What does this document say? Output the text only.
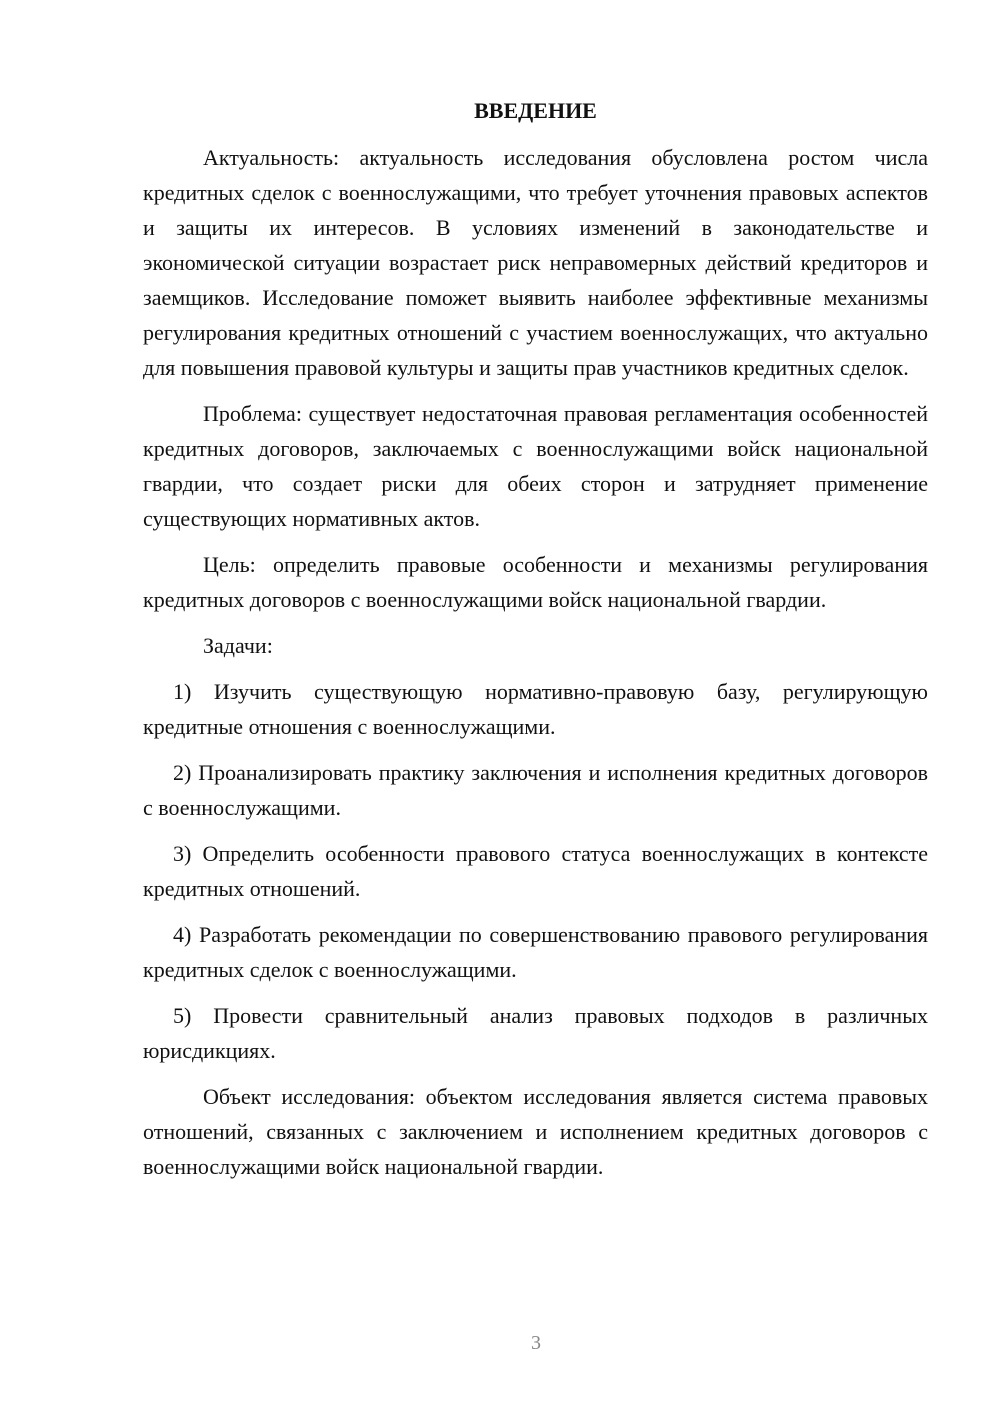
ВВЕДЕНИЕ

Актуальность: актуальность исследования обусловлена ростом числа кредитных сделок с военнослужащими, что требует уточнения правовых аспектов и защиты их интересов. В условиях изменений в законодательстве и экономической ситуации возрастает риск неправомерных действий кредиторов и заемщиков. Исследование поможет выявить наиболее эффективные механизмы регулирования кредитных отношений с участием военнослужащих, что актуально для повышения правовой культуры и защиты прав участников кредитных сделок.

Проблема: существует недостаточная правовая регламентация особенностей кредитных договоров, заключаемых с военнослужащими войск национальной гвардии, что создает риски для обеих сторон и затрудняет применение существующих нормативных актов.

Цель: определить правовые особенности и механизмы регулирования кредитных договоров с военнослужащими войск национальной гвардии.

Задачи:

1) Изучить существующую нормативно-правовую базу, регулирующую кредитные отношения с военнослужащими.

2) Проанализировать практику заключения и исполнения кредитных договоров с военнослужащими.

3) Определить особенности правового статуса военнослужащих в контексте кредитных отношений.

4) Разработать рекомендации по совершенствованию правового регулирования кредитных сделок с военнослужащими.

5) Провести сравнительный анализ правовых подходов в различных юрисдикциях.

Объект исследования: объектом исследования является система правовых отношений, связанных с заключением и исполнением кредитных договоров с военнослужащими войск национальной гвардии.

3
